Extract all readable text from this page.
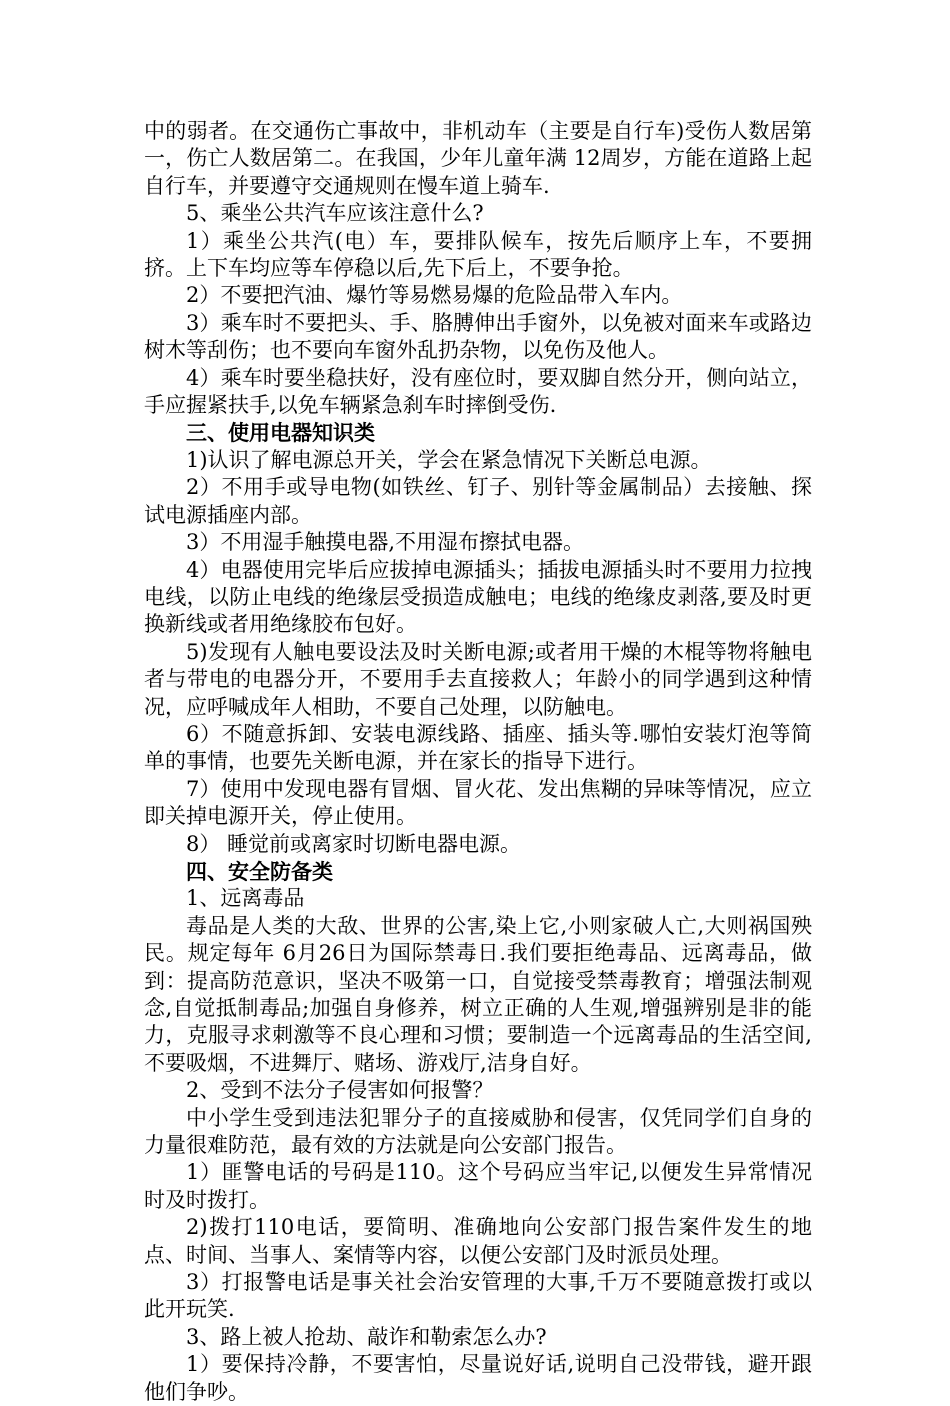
中的弱者。在交通伤亡事故中，非机动车（主要是自行车)受伤人数居第一，伤亡人数居第二。在我国，少年儿童年满 12周岁，方能在道路上起自行车，并要遵守交通规则在慢车道上骑车.

5、乘坐公共汽车应该注意什么?

1）乘坐公共汽(电）车，要排队候车，按先后顺序上车，不要拥挤。上下车均应等车停稳以后,先下后上，不要争抢。

2）不要把汽油、爆竹等易燃易爆的危险品带入车内。

3）乘车时不要把头、手、胳膊伸出手窗外，以免被对面来车或路边树木等刮伤；也不要向车窗外乱扔杂物，以免伤及他人。

4）乘车时要坐稳扶好，没有座位时，要双脚自然分开，侧向站立，手应握紧扶手,以免车辆紧急刹车时摔倒受伤.

三、使用电器知识类

1)认识了解电源总开关，学会在紧急情况下关断总电源。

2）不用手或导电物(如铁丝、钉子、别针等金属制品）去接触、探试电源插座内部。

3）不用湿手触摸电器,不用湿布擦拭电器。

4）电器使用完毕后应拔掉电源插头；插拔电源插头时不要用力拉拽电线，以防止电线的绝缘层受损造成触电；电线的绝缘皮剥落,要及时更换新线或者用绝缘胶布包好。

5)发现有人触电要设法及时关断电源;或者用干燥的木棍等物将触电者与带电的电器分开，不要用手去直接救人；年龄小的同学遇到这种情况，应呼喊成年人相助，不要自己处理，以防触电。

6）不随意拆卸、安装电源线路、插座、插头等.哪怕安装灯泡等简单的事情，也要先关断电源，并在家长的指导下进行。

7）使用中发现电器有冒烟、冒火花、发出焦糊的异味等情况，应立即关掉电源开关，停止使用。

8） 睡觉前或离家时切断电器电源。

四、安全防备类

1、远离毒品

毒品是人类的大敌、世界的公害,染上它,小则家破人亡,大则祸国殃民。规定每年 6月26日为国际禁毒日.我们要拒绝毒品、远离毒品，做到：提高防范意识，坚决不吸第一口，自觉接受禁毒教育；增强法制观念,自觉抵制毒品;加强自身修养，树立正确的人生观,增强辨别是非的能力，克服寻求刺激等不良心理和习惯；要制造一个远离毒品的生活空间,不要吸烟，不进舞厅、赌场、游戏厅,洁身自好。

2、受到不法分子侵害如何报警？

中小学生受到违法犯罪分子的直接威胁和侵害，仅凭同学们自身的力量很难防范，最有效的方法就是向公安部门报告。

1）匪警电话的号码是110。这个号码应当牢记,以便发生异常情况时及时拨打。

2)拨打110电话，要简明、准确地向公安部门报告案件发生的地点、时间、当事人、案情等内容，以便公安部门及时派员处理。

3）打报警电话是事关社会治安管理的大事,千万不要随意拨打或以此开玩笑.

3、路上被人抢劫、敲诈和勒索怎么办?

1）要保持冷静，不要害怕，尽量说好话,说明自己没带钱，避开跟他们争吵。
